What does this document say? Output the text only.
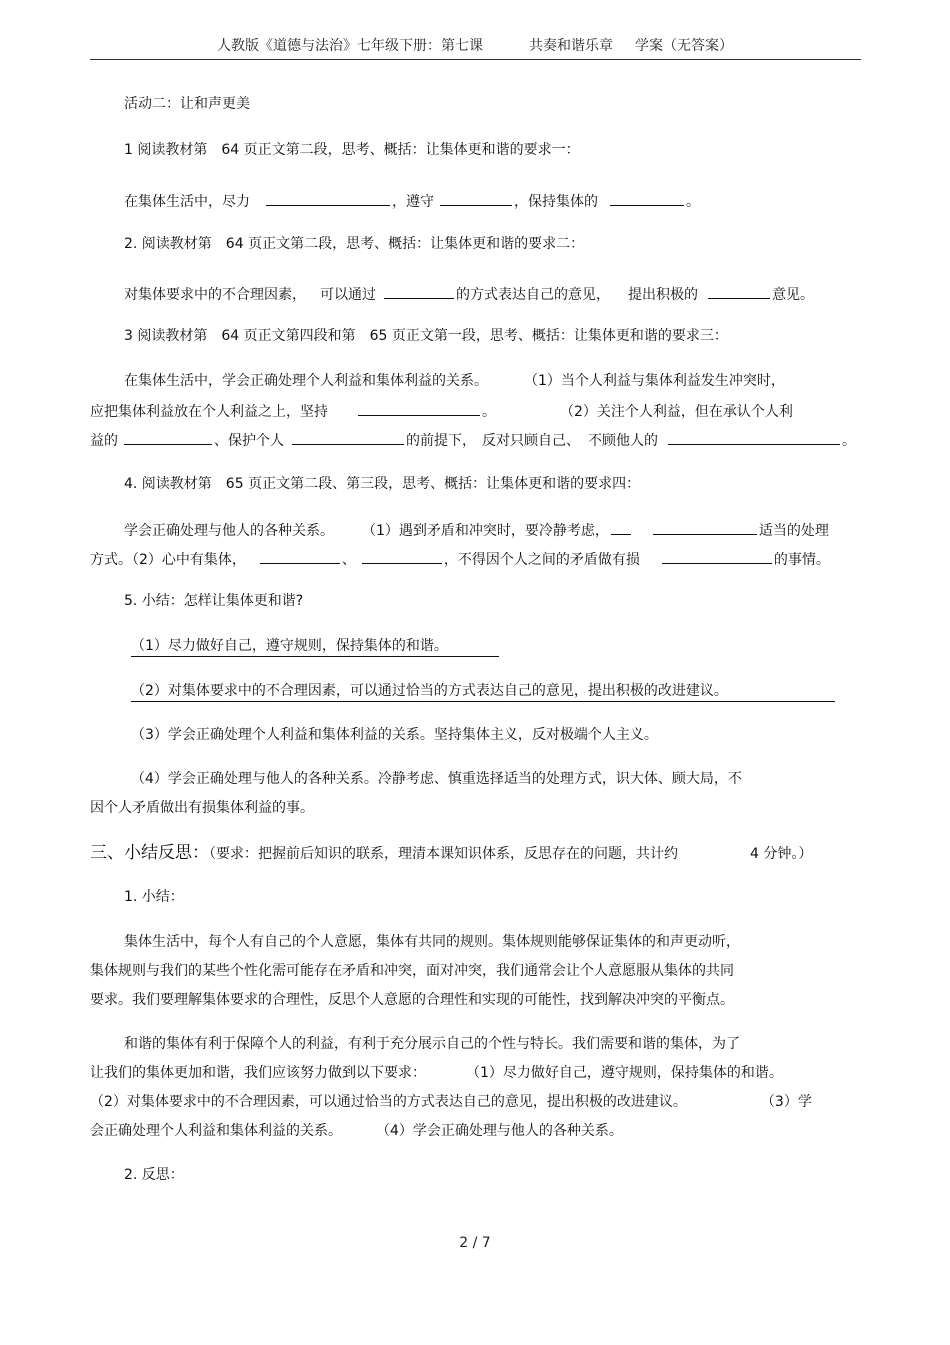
人教版《道德与法治》七年级下册：第七课	共奏和谐乐章 学案（无答案）
活动二：让和声更美
1 阅读教材第　64 页正文第二段，思考、概括：让集体更和谐的要求一：
在集体生活中，尽力	，遵守	，保持集体的	。
2. 阅读教材第　64 页正文第二段，思考、概括：让集体更和谐的要求二：
对集体要求中的不合理因素， 可以通过	的方式表达自己的意见， 提出积极的	意见。
3 阅读教材第　64 页正文第四段和第　65 页正文第一段，思考、概括：让集体更和谐的要求三：
在集体生活中，学会正确处理个人利益和集体利益的关系。	（1）当个人利益与集体利益发生冲突时，
应把集体利益放在个人利益之上，坚持	。	（2）关注个人利益，但在承认个人利
益的	、保护个人	的前提下， 反对只顾自己、 不顾他人的	。
4. 阅读教材第　65 页正文第二段、第三段，思考、概括：让集体更和谐的要求四：
学会正确处理与他人的各种关系。 （1）遇到矛盾和冲突时，要冷静考虑，	适当的处理
方式。（2）心中有集体，	、	，不得因个人之间的矛盾做有损	的事情。
5. 小结：怎样让集体更和谐?
（1）尽力做好自己，遵守规则，保持集体的和谐。
（2）对集体要求中的不合理因素，可以通过恰当的方式表达自己的意见，提出积极的改进建议。
（3）学会正确处理个人利益和集体利益的关系。坚持集体主义，反对极端个人主义。
（4）学会正确处理与他人的各种关系。冷静考虑、慎重选择适当的处理方式，识大体、顾大局，不
因个人矛盾做出有损集体利益的事。
三、小结反思：（要求：把握前后知识的联系，理清本课知识体系，反思存在的问题，共计约	4 分钟。）
1. 小结：
集体生活中，每个人有自己的个人意愿，集体有共同的规则。集体规则能够保证集体的和声更动听，
集体规则与我们的某些个性化需可能存在矛盾和冲突，面对冲突，我们通常会让个人意愿服从集体的共同
要求。我们要理解集体要求的合理性，反思个人意愿的合理性和实现的可能性，找到解决冲突的平衡点。
和谐的集体有利于保障个人的利益，有利于充分展示自己的个性与特长。我们需要和谐的集体，为了
让我们的集体更加和谐，我们应该努力做到以下要求：	（1）尽力做好自己，遵守规则，保持集体的和谐。
（2）对集体要求中的不合理因素，可以通过恰当的方式表达自己的意见，提出积极的改进建议。	（3）学
会正确处理个人利益和集体利益的关系。 （4）学会正确处理与他人的各种关系。
2. 反思：
2 / 7
